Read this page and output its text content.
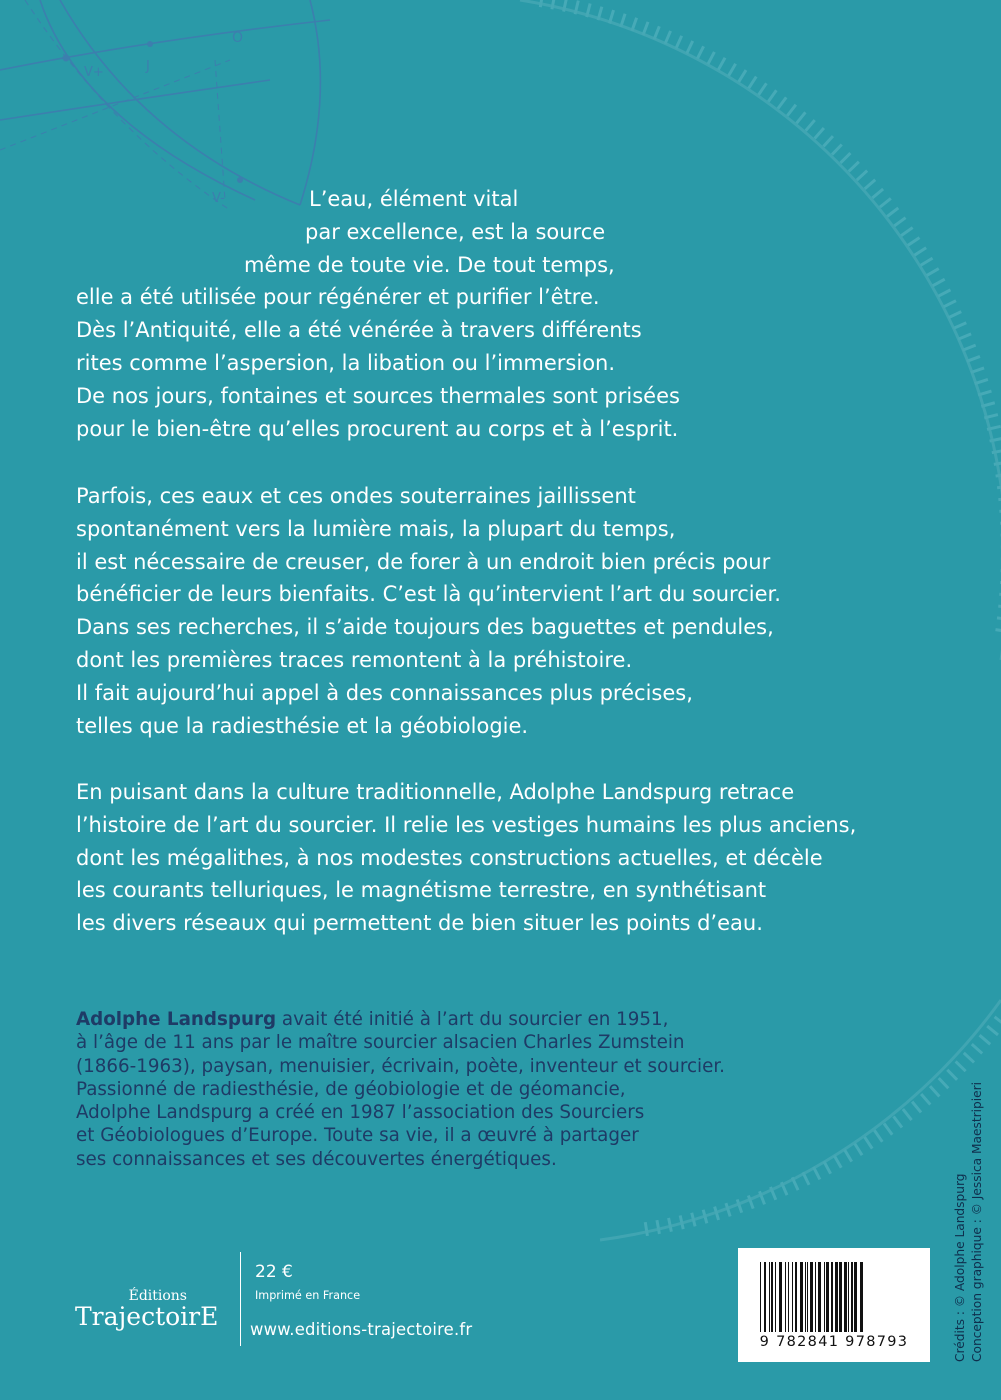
O
J
V+
V-	L’eau, élément vital
par excellence, est la source
même de toute vie. De tout temps,
elle a été utilisée pour régénérer et purifier l’être.
Dès l’Antiquité, elle a été vénérée à travers différents
rites comme l’aspersion, la libation ou l’immersion.
De nos jours, fontaines et sources thermales sont prisées
pour le bien-être qu’elles procurent au corps et à l’esprit.
Parfois, ces eaux et ces ondes souterraines jaillissent
spontanément vers la lumière mais, la plupart du temps,
il est nécessaire de creuser, de forer à un endroit bien précis pour
bénéficier de leurs bienfaits. C’est là qu’intervient l’art du sourcier.
Dans ses recherches, il s’aide toujours des baguettes et pendules,
dont les premières traces remontent à la préhistoire.
Il fait aujourd’hui appel à des connaissances plus précises,
telles que la radiesthésie et la géobiologie.
En puisant dans la culture traditionnelle, Adolphe Landspurg retrace
l’histoire de l’art du sourcier. Il relie les vestiges humains les plus anciens,
dont les mégalithes, à nos modestes constructions actuelles, et décèle
les courants telluriques, le magnétisme terrestre, en synthétisant
les divers réseaux qui permettent de bien situer les points d’eau.
Adolphe Landspurg avait été initié à l’art du sourcier en 1951,
à l’âge de 11 ans par le maître sourcier alsacien Charles Zumstein
(1866-1963), paysan, menuisier, écrivain, poète, inventeur et sourcier.
Passionné de radiesthésie, de géobiologie et de géomancie,
Adolphe Landspurg a créé en 1987 l’association des Sourciers
et Géobiologues d’Europe. Toute sa vie, il a œuvré à partager
ses connaissances et ses découvertes énergétiques.
Éditions
TrajectoirE
22 €
Imprimé en France
www.editions-trajectoire.fr
9 782841 978793	Crédits : © Adolphe Landspurg Conception graphique : © Jessica Maestripieri
